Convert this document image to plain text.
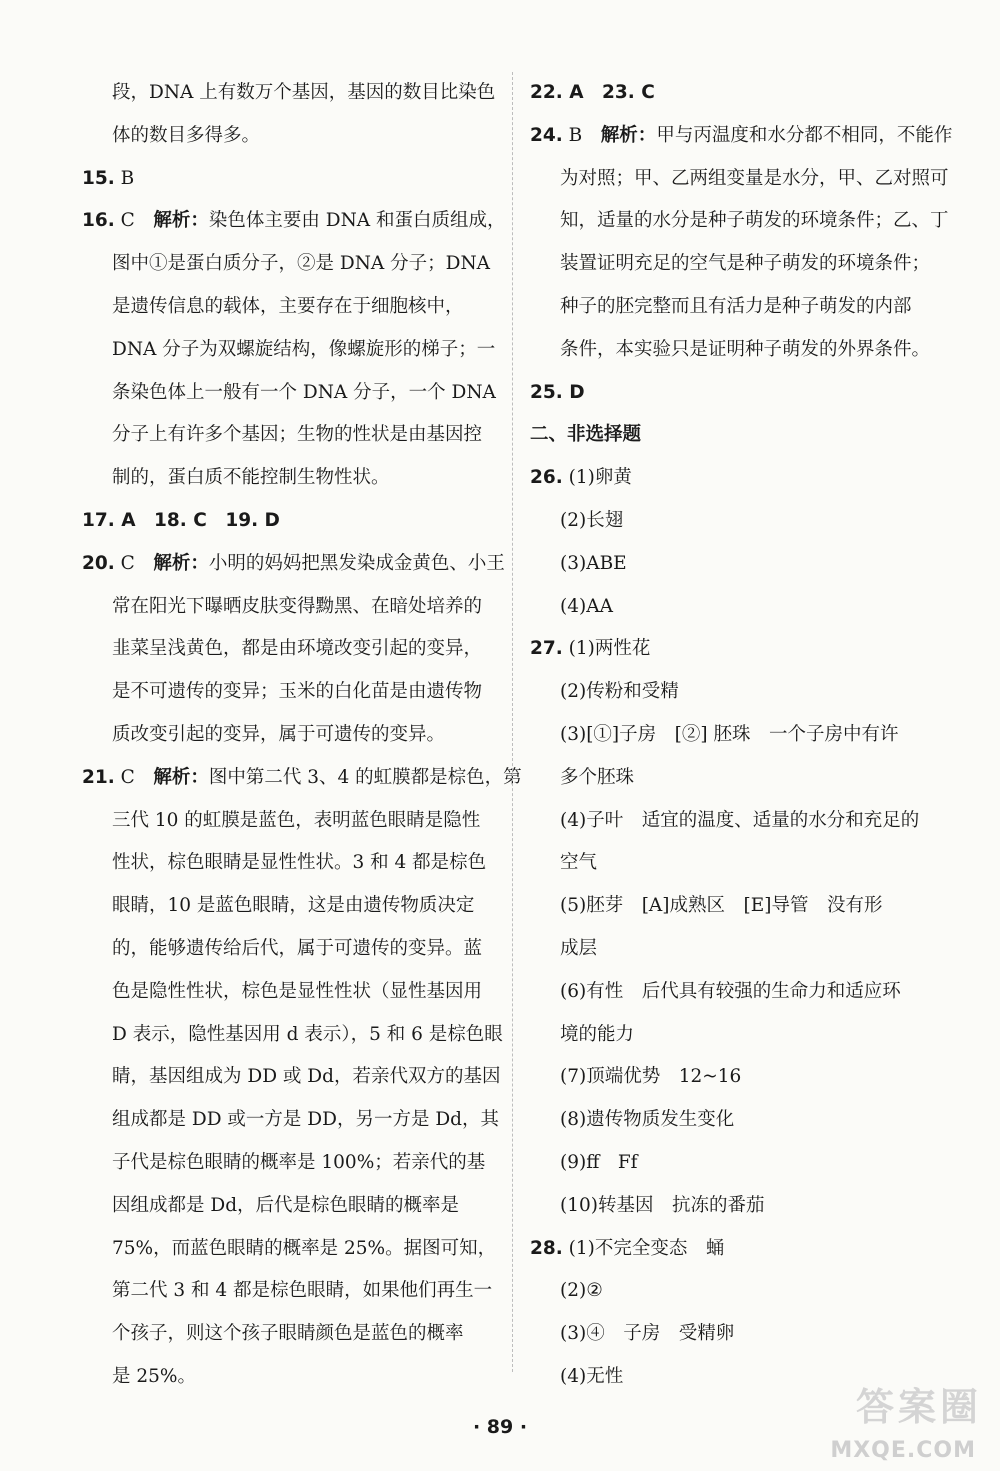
段，DNA 上有数万个基因，基因的数目比染色

体的数目多得多。

15. B

16. C　 解析：染色体主要由 DNA 和蛋白质组成，

图中①是蛋白质分子，②是 DNA 分子；DNA

是遗传信息的载体，主要存在于细胞核中，

DNA 分子为双螺旋结构，像螺旋形的梯子；一

条染色体上一般有一个 DNA 分子，一个 DNA

分子上有许多个基因；生物的性状是由基因控

制的，蛋白质不能控制生物性状。

17. A　18. C　19. D

20. C　 解析：小明的妈妈把黑发染成金黄色、小王

常在阳光下曝晒皮肤变得黝黑、在暗处培养的

韭菜呈浅黄色，都是由环境改变引起的变异，

是不可遗传的变异；玉米的白化苗是由遗传物

质改变引起的变异，属于可遗传的变异。

21. C　 解析：图中第二代 3、4 的虹膜都是棕色，第

三代 10 的虹膜是蓝色，表明蓝色眼睛是隐性

性状，棕色眼睛是显性性状。3 和 4 都是棕色

眼睛，10 是蓝色眼睛，这是由遗传物质决定

的，能够遗传给后代，属于可遗传的变异。蓝

色是隐性性状，棕色是显性性状（显性基因用

D 表示，隐性基因用 d 表示），5 和 6 是棕色眼

睛，基因组成为 DD 或 Dd，若亲代双方的基因

组成都是 DD 或一方是 DD，另一方是 Dd，其

子代是棕色眼睛的概率是 100%；若亲代的基

因组成都是 Dd，后代是棕色眼睛的概率是

75%，而蓝色眼睛的概率是 25%。据图可知，

第二代 3 和 4 都是棕色眼睛，如果他们再生一

个孩子，则这个孩子眼睛颜色是蓝色的概率

是 25%。

22. A　23. C

24. B　 解析：甲与丙温度和水分都不相同，不能作

为对照；甲、乙两组变量是水分，甲、乙对照可

知，适量的水分是种子萌发的环境条件；乙、丁

装置证明充足的空气是种子萌发的环境条件；

种子的胚完整而且有活力是种子萌发的内部

条件，本实验只是证明种子萌发的外界条件。

25. D

二、非选择题

26. (1)卵黄

(2)长翅

(3)ABE

(4)AA

27. (1)两性花

(2)传粉和受精

(3)[①]子房　[②] 胚珠　一个子房中有许

多个胚珠

(4)子叶　适宜的温度、适量的水分和充足的

空气

(5)胚芽　[A]成熟区　[E]导管　没有形

成层

(6)有性　后代具有较强的生命力和适应环

境的能力

(7)顶端优势　12~16

(8)遗传物质发生变化

(9)ff　Ff

(10)转基因　抗冻的番茄

28. (1)不完全变态　蛹

(2)②

(3)④　子房　受精卵

(4)无性

· 89 ·	答案圈
MXQE.COM
